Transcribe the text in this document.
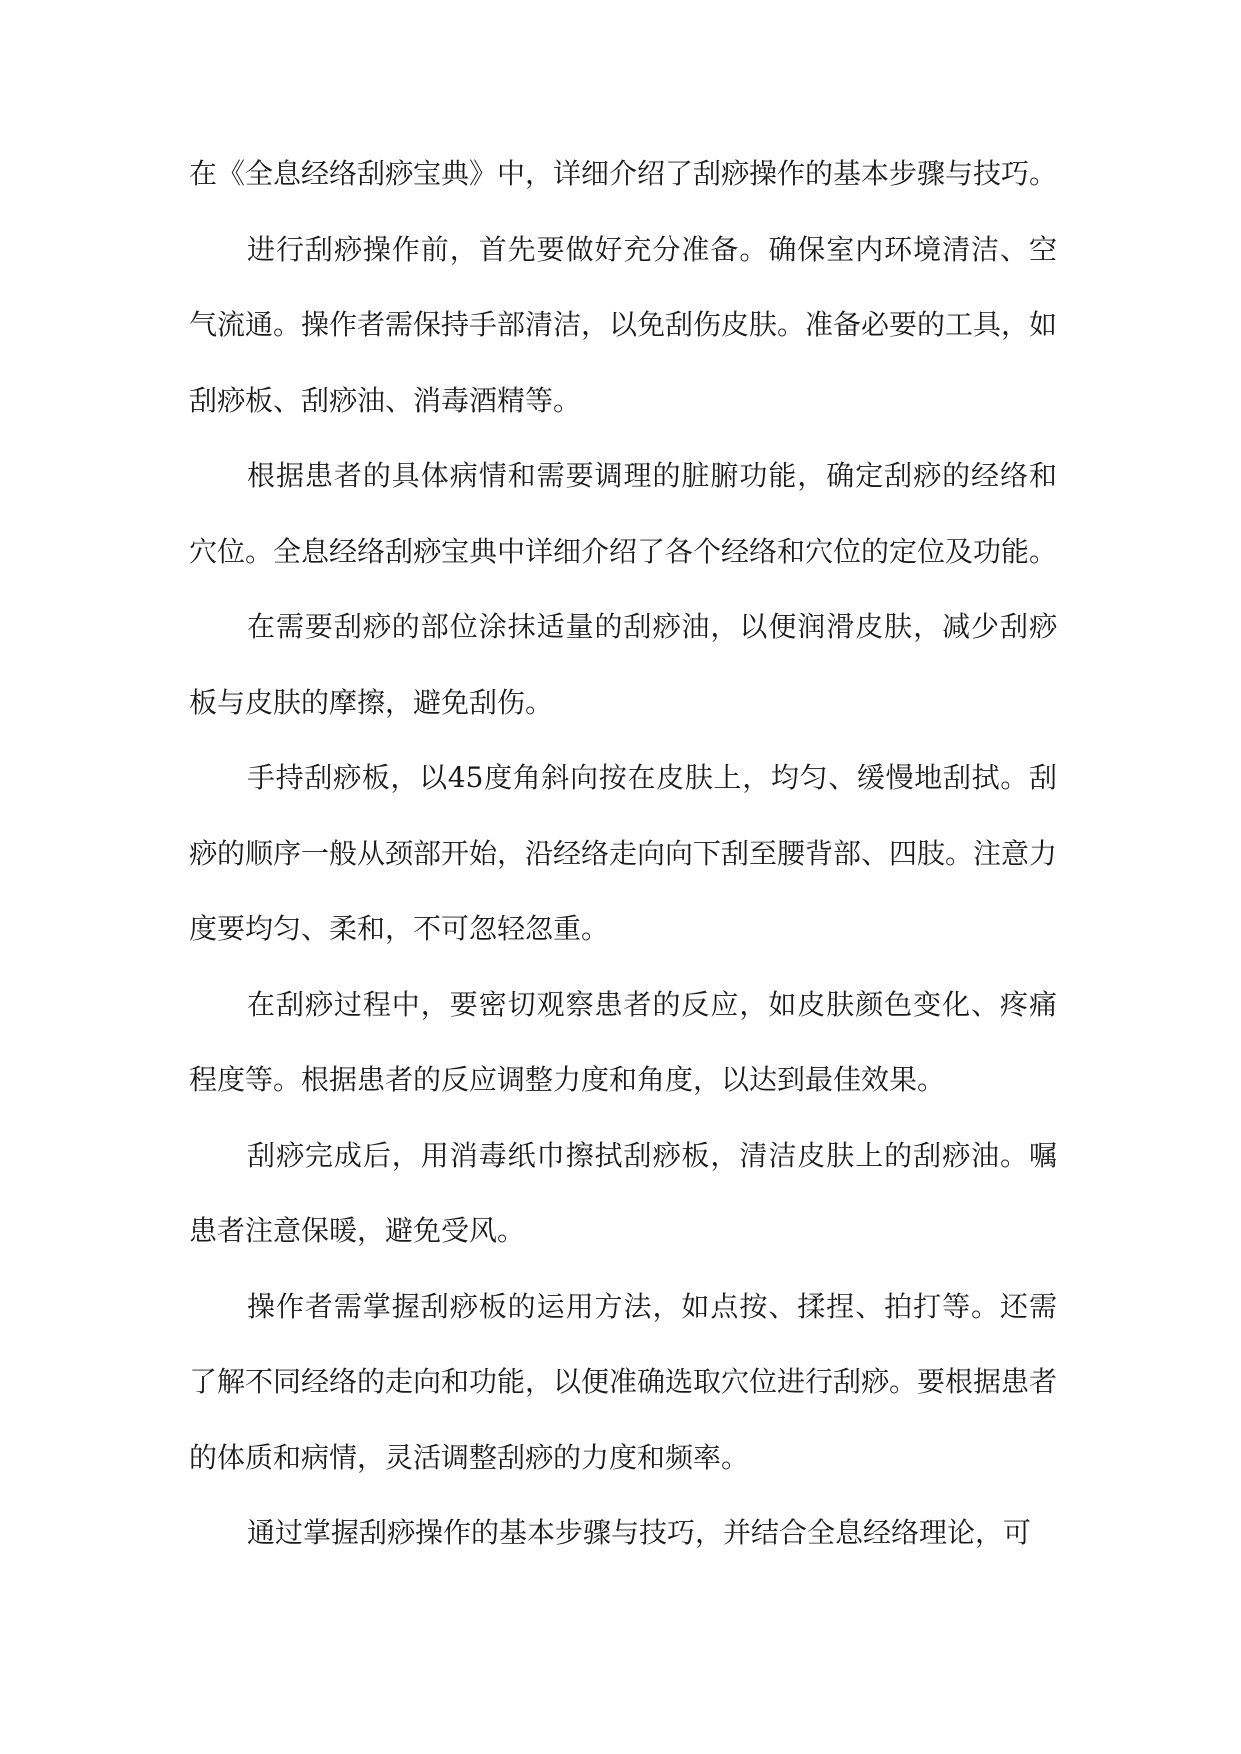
在《全息经络刮痧宝典》中，详细介绍了刮痧操作的基本步骤与技巧。

进行刮痧操作前，首先要做好充分准备。确保室内环境清洁、空气流通。操作者需保持手部清洁，以免刮伤皮肤。准备必要的工具，如刮痧板、刮痧油、消毒酒精等。

根据患者的具体病情和需要调理的脏腑功能，确定刮痧的经络和穴位。全息经络刮痧宝典中详细介绍了各个经络和穴位的定位及功能。

在需要刮痧的部位涂抹适量的刮痧油，以便润滑皮肤，减少刮痧板与皮肤的摩擦，避免刮伤。

手持刮痧板，以45度角斜向按在皮肤上，均匀、缓慢地刮拭。刮痧的顺序一般从颈部开始，沿经络走向向下刮至腰背部、四肢。注意力度要均匀、柔和，不可忽轻忽重。

在刮痧过程中，要密切观察患者的反应，如皮肤颜色变化、疼痛程度等。根据患者的反应调整力度和角度，以达到最佳效果。

刮痧完成后，用消毒纸巾擦拭刮痧板，清洁皮肤上的刮痧油。嘱患者注意保暖，避免受风。

操作者需掌握刮痧板的运用方法，如点按、揉捏、拍打等。还需了解不同经络的走向和功能，以便准确选取穴位进行刮痧。要根据患者的体质和病情，灵活调整刮痧的力度和频率。

通过掌握刮痧操作的基本步骤与技巧，并结合全息经络理论，可
